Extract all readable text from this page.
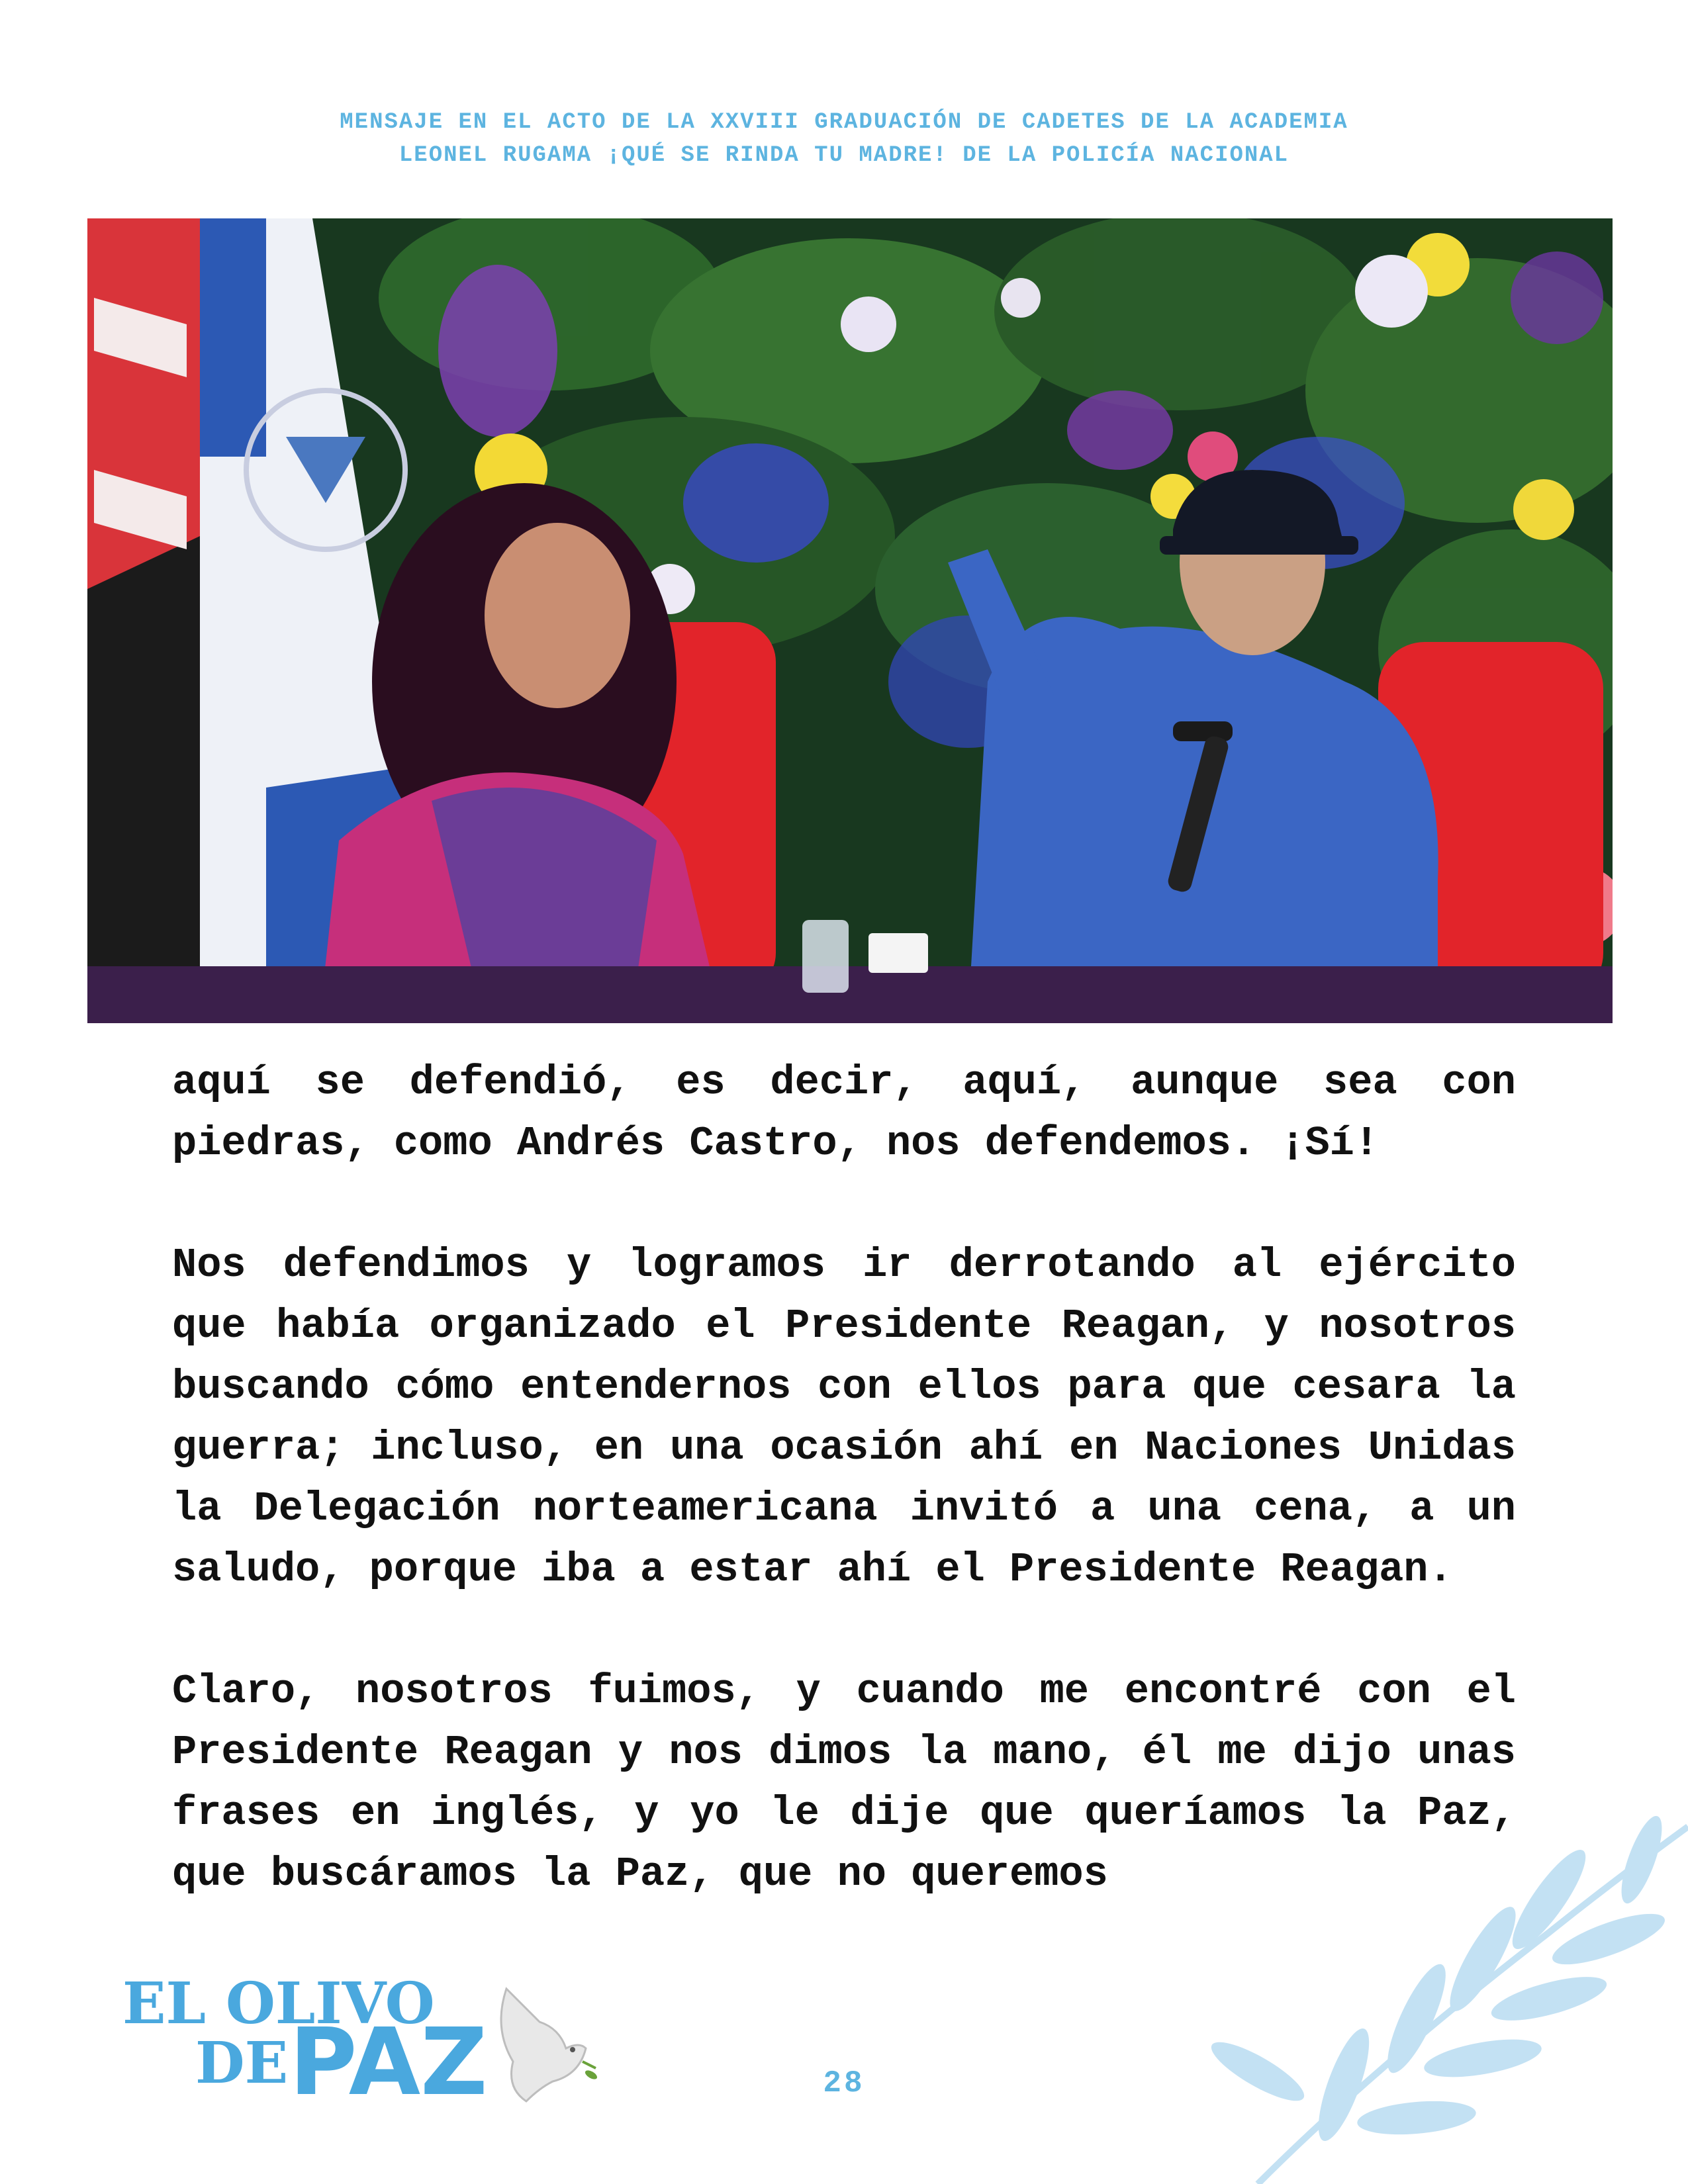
MENSAJE EN EL ACTO DE LA XXVIII GRADUACIÓN DE CADETES DE LA ACADEMIA
LEONEL RUGAMA ¡QUÉ SE RINDA TU MADRE! DE LA POLICÍA NACIONAL

aquí se defendió, es decir, aquí, aunque sea con piedras, como Andrés Castro, nos defendemos. ¡Sí!

Nos defendimos y logramos ir derrotando al ejército que había organizado el Presidente Reagan, y nosotros buscando cómo entendernos con ellos para que cesara la guerra; incluso, en una ocasión ahí en Naciones Unidas la Delegación norteamericana invitó a una cena, a un saludo, porque iba a estar ahí el Presidente Reagan.

Claro, nosotros fuimos, y cuando me encontré con el Presidente Reagan y nos dimos la mano, él me dijo unas frases en inglés, y yo le dije que queríamos la Paz, que buscáramos la Paz, que no queremos

EL OLIVO
DE PAZ	28
